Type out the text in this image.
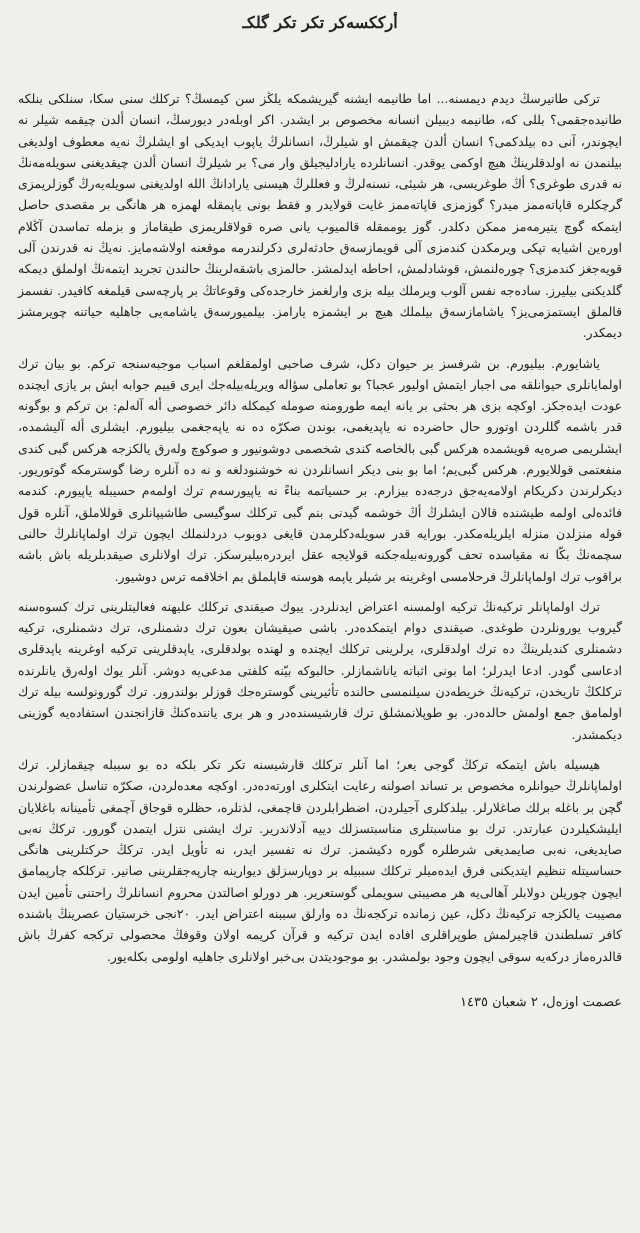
أرككسەكر تكر تكر گلكـ

تركى طانيرسڭ ديدم ديمسنه... اما طانيمه ايشنه گيريشمكه يلڭز سن كيمسڭ؟ تركلك سنى سكا، سنلكى بنلكه طانيدەجقمى؟ بللى كه، طانيمه ديبيلن انسانه مخصوص بر ايشدر. اكر اوبلەدر ديورسڭ، انسان ألدن چيقمه شيلر نه ايچوندر، آنى ده بيلدكمى؟ انسان ألدن چيقمش او شيلرڭ، انسانلرڭ ياپوب ايديكى او ايشلرڭ نەيه معطوف اولديغى بيلنمدن نه اولدقلرينڭ هيچ اوكمى يوقدر. انسانلرده يارادليجيلق وار مى؟ بر شيلرڭ انسان ألدن چيقديغنى سويلەمەنڭ نه قدرى طوغرى؟ أڭ طوغريسى، هر شيئى، نسنەلرڭ و فعللرڭ هيسنى يارادانڭ الله اولديغنى سويلەيەرڭ گوزلريمزى گرچكلره قاپاتەممز ميدر؟ گوزمزى قاپاتەممز غايت قولايدر و فقط بونى ياپمقله لهمزه هر هانگى بر مقصدى حاصل ايتمكه گوچ يتيرمەمز ممكن دكلدر. گوز يوممقله قالميوب يانى صره قولاقلريمزى طيقاماز و بزمله تماسدن آڭلام اورەين اشيايه تپكى ويرمكدن كندمزى آلى قويمازسەق حادثەلرى دكرلندرمه موقعنه اولاشەمايز. نەيڭ نه قدرندن آلى قويەجغز كندمزى؟ چورەلنمش، قوشادلمش، احاطه ايدلمشز. حالمزى باشقەلرينڭ حالندن تجريد ايتمەنڭ اولملق ديمكه گلديكنى بيليرز. سادەجه نفس آلوب ويرملك بيله بزى وارلغمز خارجدەكى وقوعاتڭ بر پارچەسى قيلمغه كافيدر. نفسمز قالملق ايستمزمى‌يز؟ ياشامازسەق بيلملك هيچ بر ايشمزه يارامز. بيلميورسەق ياشامەيى جاهليه حياتنه چويرمشز ديمكدر.

ياشايورم. بيليورم. بن شرفسز بر حيوان دكل، شرف صاحبى اولمقلغم اسباب موجبەسنجه تركم. بو بيان ترك اولمايانلرى حيوانلقه مى اجبار ايتمش اوليور عجبا؟ بو تعاملى سؤاله ويريلەبيلەجك ايرى قييم جوابه ايش بر يازى ايچنده عودت ايدەجكز. اوكچه بزى هر بحثى بر يانه ايمه طورومنه صومله كيمكله دائر خصوصى أله آلەلم: بن تركم و بوگونه قدر باشمه گللردن اوتورو حال حاضرده نه ياپديغمى، بوندن صكرّه ده نه ياپەجغمى بيليورم. ايشلرى أله آليشمده، ايشلريمى صرەيه قويشمده هركس گبى بالخاصه كندى شخصمى دوشونيور و صوكوچ ولەرق يالكزجه هركس گبى كندى منفعتمى قوللايورم. هركس گبى‌يم؛ اما بو بنى ديكر انسانلردن نه خوشنودلغه و نه ده آنلره رضا گوسترمكه گوتوريور. ديكرلرندن دكريكام اولامەيەجق درجەده بيزارم. بر حسياتمه بناءً نه ياپيورسەم ترك اولمەم حسيبله ياپيورم. كندمه فائدەلى اولمه طيشنده قالان ايشلرڭ أڭ خوشمه گيدنى بنم گبى تركلك سوگيسى طاشيپانلرى قوللاملق، آنلره قول قوله منزلدن منزله ايلريلەمكدر. بورايه قدر سويلەدكلرمدن قايغى دوبوب دردلنملك ايچون ترك اولماپانلرڭ حالنى سچمەنڭ بكّا نه مقياسده تحف گورونەبيلەجكنه قولايجه عقل ايردرەبيليرسكز. ترك اولانلرى صيقدبلريله باش باشه براقوب ترك اولماپانلرڭ فرحلامسى اوغرينه بر شيلر ياپمه هوسنه قاپلملق بم اخلاقمه ترس دوشيور.

ترك اولماپانلر تركيه‌نڭ تركيه اولمسنه اعتراض ايدنلردر. ييوك صيقندى تركلك عليهنه فعاليتلرينى ترك كسوەسنه گيروب يورونلردن طوغدى. صيقندى دوام ايتمكدەدر. باشى صيقيشان بعون ترك دشمنلرى، ترك دشمنلرى، تركيه دشمنلرى كنديلرينڭ ده ترك اولدقلرى، يرلرينى تركلك ايچنده و لهنده بولدقلرى، ياپدقلرينى تركيه اوغرينه ياپدقلرى ادعاسى گودر. ادعا ايدرلر؛ اما بونى اثباته ياناشمازلر. حالبوكه بيّنه كلفتى مدعى‌يه دوشر. آنلر يوك اولەرق يانلرنده تركلكڭ تاريخدن، تركيه‌نڭ خريطەدن سيلنمسى حالنده تأثيرينى گوسترەجك قوزلر بولندرور. ترك گورونولسه بيله ترك اولمامق جمع اولمش حالدەدر. بو طوپلانمشلق ترك قارشيسندەدر و هر برى يانندەكنڭ قازانجندن استفادەيه گوزينى ديكمشدر.

هيسيله باش ايتمكه تركڭ گوجى يعر؛ اما آنلر تركلك قارشيسنه تكر تكر بلكه ده بو سببله چيقمازلر. ترك اولماپانلرڭ حيوانلره مخصوص بر تساند اصولنه رعايت ايتكلرى اورتەدەدر. اوكچه معدەلردن، صكرّه تناسل عضولرندن گچن بر باغله برلك صاغلارلر. بيلدكلرى آجيلردن، اضطرابلردن قاچمغى، لذتلره، حظلره قوجاق آچمغى تأمينانه باغلايان ايليشكيلردن عبارتدر. ترك بو مناسبتلرى مناسبتسزلك دييه آدلاندرير. ترك ايشنى نتزل ايتمدن گورور. تركڭ نەبى صايديغى، نەبى صايمديغى شرطلره گوره دكيشمز. ترك نه تفسير ايدر، نه تأويل ايدر. تركڭ حركتلرينى هانگى حساسيتله تنظيم ايتديكنى فرق ايدەميلر تركلك سببيله بر دوپارسزلق ديوارينه چارپەجقلرينى صانير. تركلكه چارپمامق ايچون چوريلن دولابلر آهالى‌يه هر مصيبتى سويملى گوستعرير. هر دورلو اصالتدن محروم انسانلرڭ راحتنى تأمين ايدن مصيبت يالكزجه تركيه‌نڭ دكل، عين زمانده تركجه‌نڭ ده وارلق سببنه اعتراض ايدر. ٢٠نجى خرستيان عصرينڭ باشنده كافر تسلطندن قاچيرلمش طوپراقلرى افاده ايدن تركيه و قرآن كريمه اولان وقوفڭ محصولى تركجه كفرڭ باش قالدرەماز دركەيه سوقى ايچون وجود بولمشدر. بو موجوديتدن بى‌خبر اولانلرى جاهليه اولومى بكلەيور.

عصمت اوزەل، ٢ شعبان ١٤٣٥
